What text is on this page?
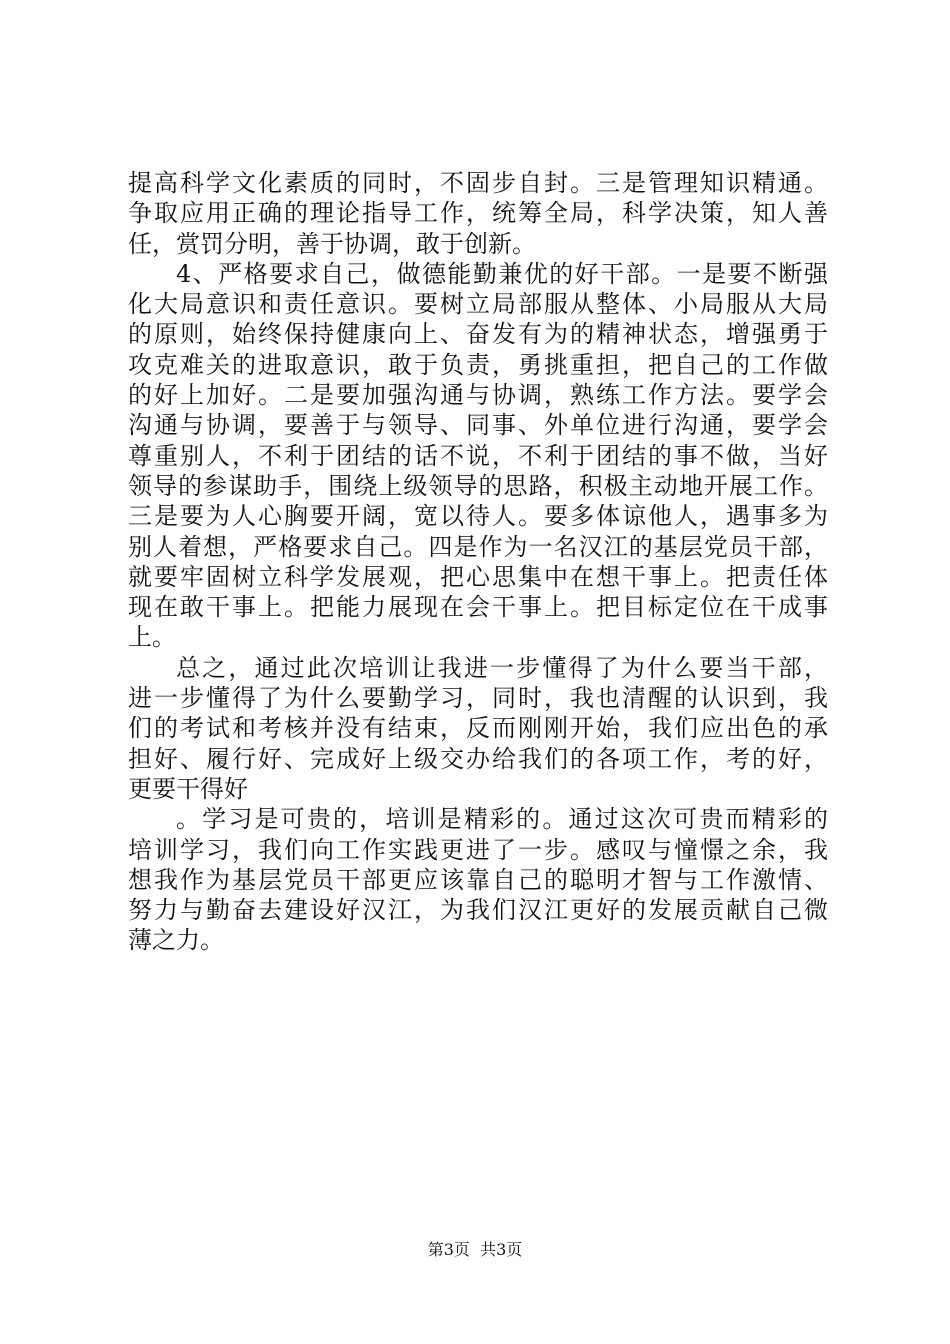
提高科学文化素质的同时，不固步自封。三是管理知识精通。
争取应用正确的理论指导工作，统筹全局，科学决策，知人善
任，赏罚分明，善于协调，敢于创新。
4、严格要求自己，做德能勤兼优的好干部。一是要不断强
化大局意识和责任意识。要树立局部服从整体、小局服从大局
的原则，始终保持健康向上、奋发有为的精神状态，增强勇于
攻克难关的进取意识，敢于负责，勇挑重担，把自己的工作做
的好上加好。二是要加强沟通与协调，熟练工作方法。要学会
沟通与协调，要善于与领导、同事、外单位进行沟通，要学会
尊重别人，不利于团结的话不说，不利于团结的事不做，当好
领导的参谋助手，围绕上级领导的思路，积极主动地开展工作。
三是要为人心胸要开阔，宽以待人。要多体谅他人，遇事多为
别人着想，严格要求自己。四是作为一名汉江的基层党员干部，
就要牢固树立科学发展观，把心思集中在想干事上。把责任体
现在敢干事上。把能力展现在会干事上。把目标定位在干成事
上。
总之，通过此次培训让我进一步懂得了为什么要当干部，
进一步懂得了为什么要勤学习，同时，我也清醒的认识到，我
们的考试和考核并没有结束，反而刚刚开始，我们应出色的承
担好、履行好、完成好上级交办给我们的各项工作，考的好，
更要干得好
。学习是可贵的，培训是精彩的。通过这次可贵而精彩的
培训学习，我们向工作实践更进了一步。感叹与憧憬之余，我
想我作为基层党员干部更应该靠自己的聪明才智与工作激情、
努力与勤奋去建设好汉江，为我们汉江更好的发展贡献自己微
薄之力。
第3页  共3页
